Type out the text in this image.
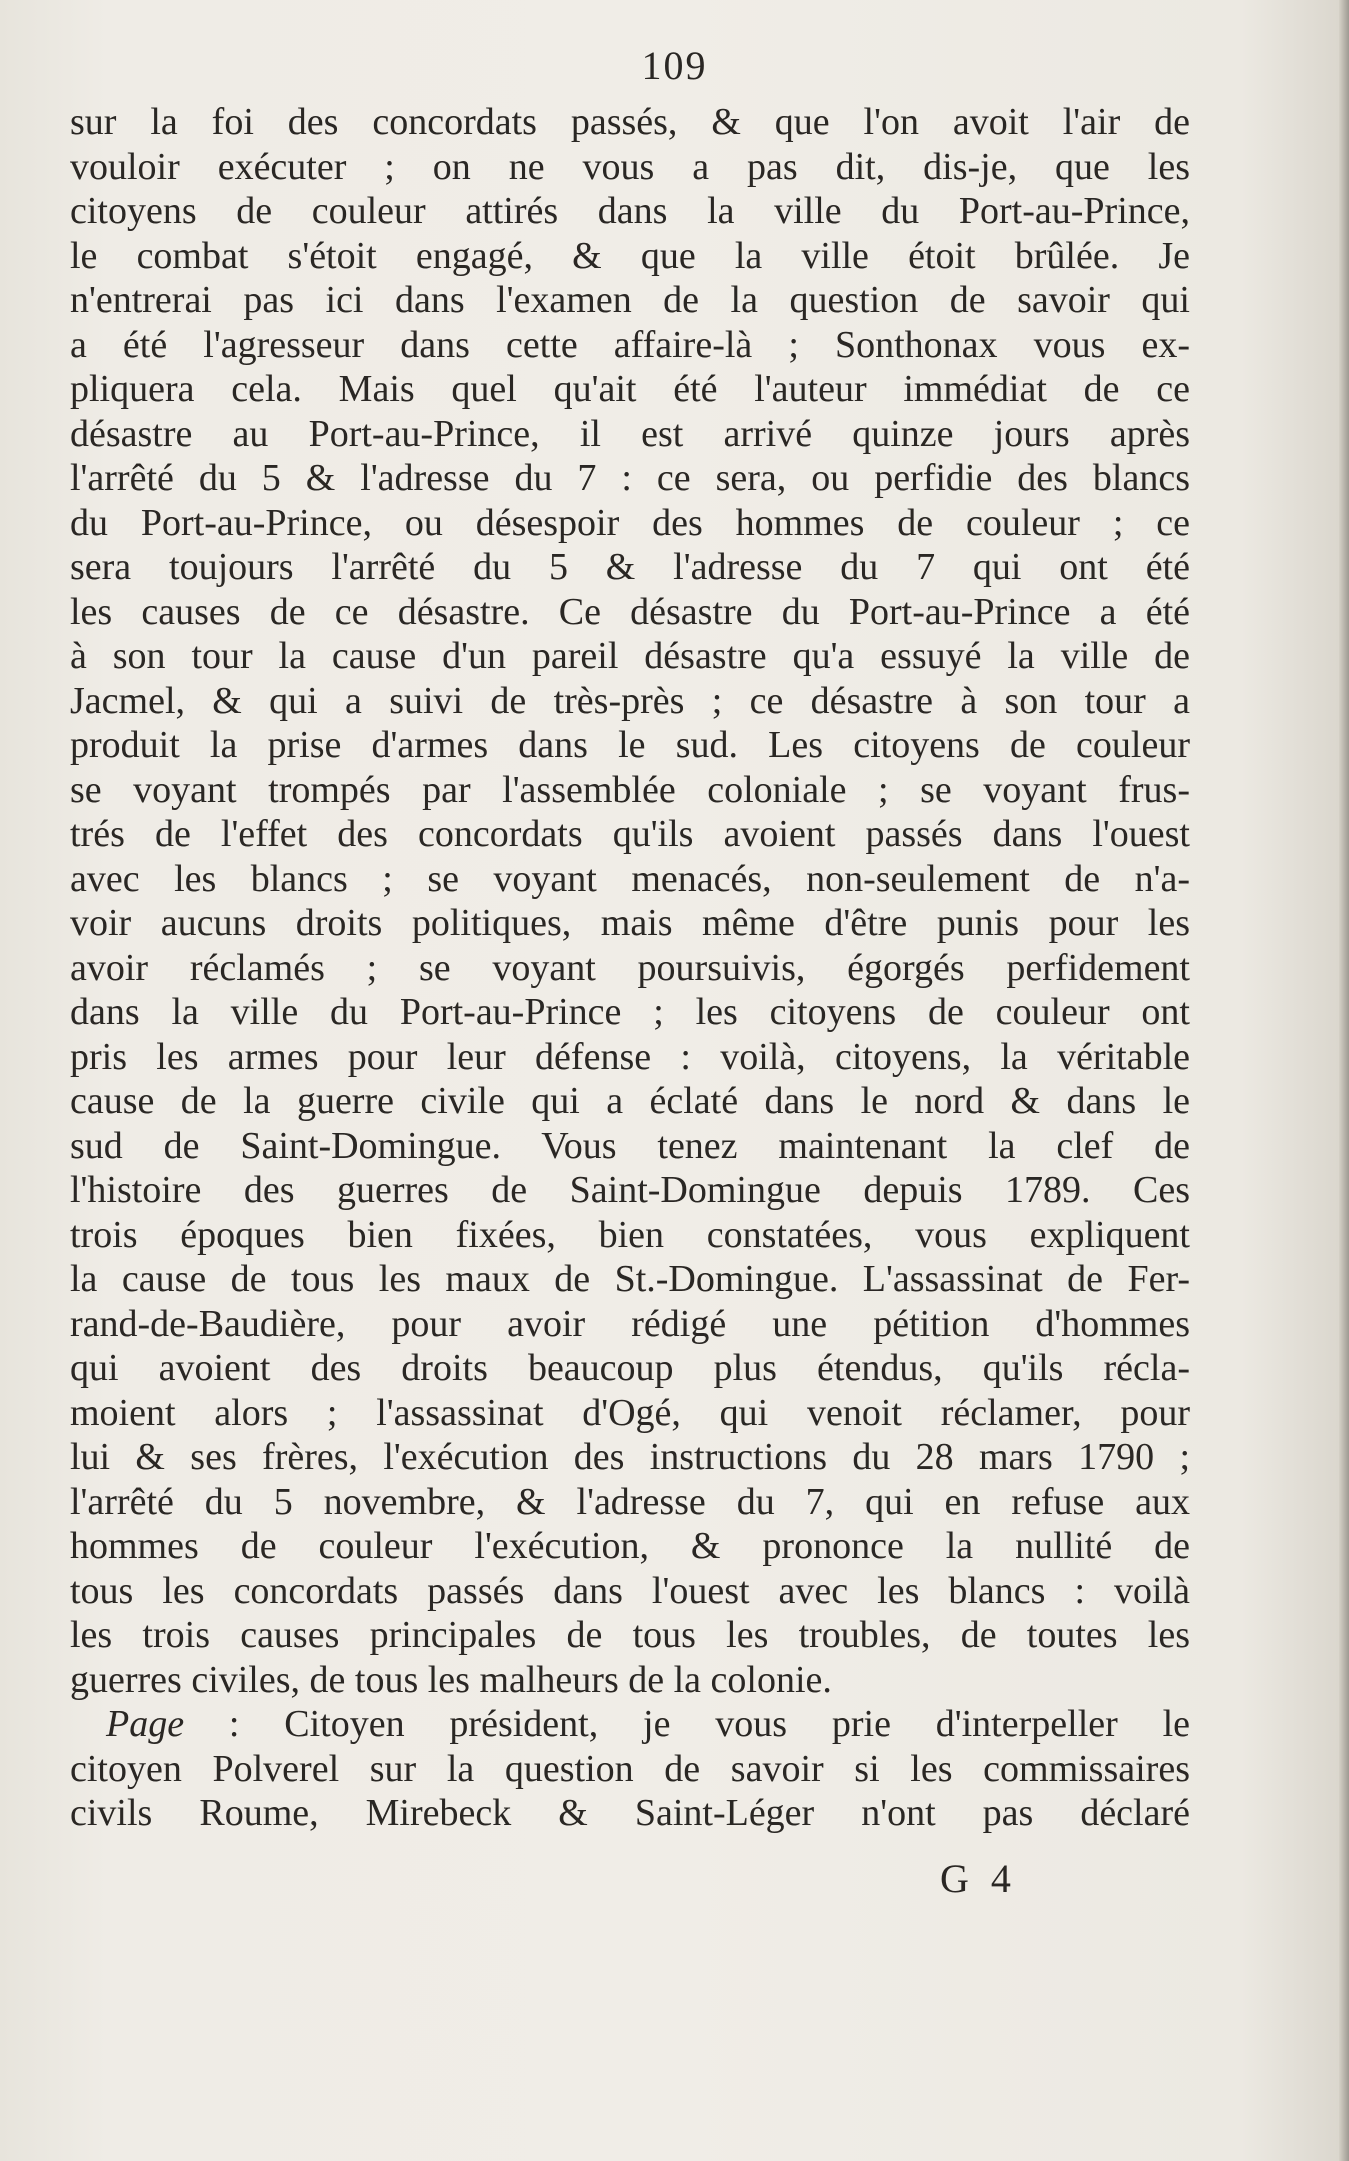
109
sur la foi des concordats passés, & que l'on avoit l'air de
vouloir exécuter ; on ne vous a pas dit, dis-je, que les
citoyens de couleur attirés dans la ville du Port-au-Prince,
le combat s'étoit engagé, & que la ville étoit brûlée. Je
n'entrerai pas ici dans l'examen de la question de savoir qui
a été l'agresseur dans cette affaire-là ; Sonthonax vous ex-
pliquera cela. Mais quel qu'ait été l'auteur immédiat de ce
désastre au Port-au-Prince, il est arrivé quinze jours après
l'arrêté du 5 & l'adresse du 7 : ce sera, ou perfidie des blancs
du Port-au-Prince, ou désespoir des hommes de couleur ; ce
sera toujours l'arrêté du 5 & l'adresse du 7 qui ont été
les causes de ce désastre. Ce désastre du Port-au-Prince a été
à son tour la cause d'un pareil désastre qu'a essuyé la ville de
Jacmel, & qui a suivi de très-près ; ce désastre à son tour a
produit la prise d'armes dans le sud. Les citoyens de couleur
se voyant trompés par l'assemblée coloniale ; se voyant frus-
trés de l'effet des concordats qu'ils avoient passés dans l'ouest
avec les blancs ; se voyant menacés, non-seulement de n'a-
voir aucuns droits politiques, mais même d'être punis pour les
avoir réclamés ; se voyant poursuivis, égorgés perfidement
dans la ville du Port-au-Prince ; les citoyens de couleur ont
pris les armes pour leur défense : voilà, citoyens, la véritable
cause de la guerre civile qui a éclaté dans le nord & dans le
sud de Saint-Domingue. Vous tenez maintenant la clef de
l'histoire des guerres de Saint-Domingue depuis 1789. Ces
trois époques bien fixées, bien constatées, vous expliquent
la cause de tous les maux de St.-Domingue. L'assassinat de Fer-
rand-de-Baudière, pour avoir rédigé une pétition d'hommes
qui avoient des droits beaucoup plus étendus, qu'ils récla-
moient alors ; l'assassinat d'Ogé, qui venoit réclamer, pour
lui & ses frères, l'exécution des instructions du 28 mars 1790 ;
l'arrêté du 5 novembre, & l'adresse du 7, qui en refuse aux
hommes de couleur l'exécution, & prononce la nullité de
tous les concordats passés dans l'ouest avec les blancs : voilà
les trois causes principales de tous les troubles, de toutes les
guerres civiles, de tous les malheurs de la colonie.
Page : Citoyen président, je vous prie d'interpeller le
citoyen Polverel sur la question de savoir si les commissaires
civils Roume, Mirebeck & Saint-Léger n'ont pas déclaré
G 4
